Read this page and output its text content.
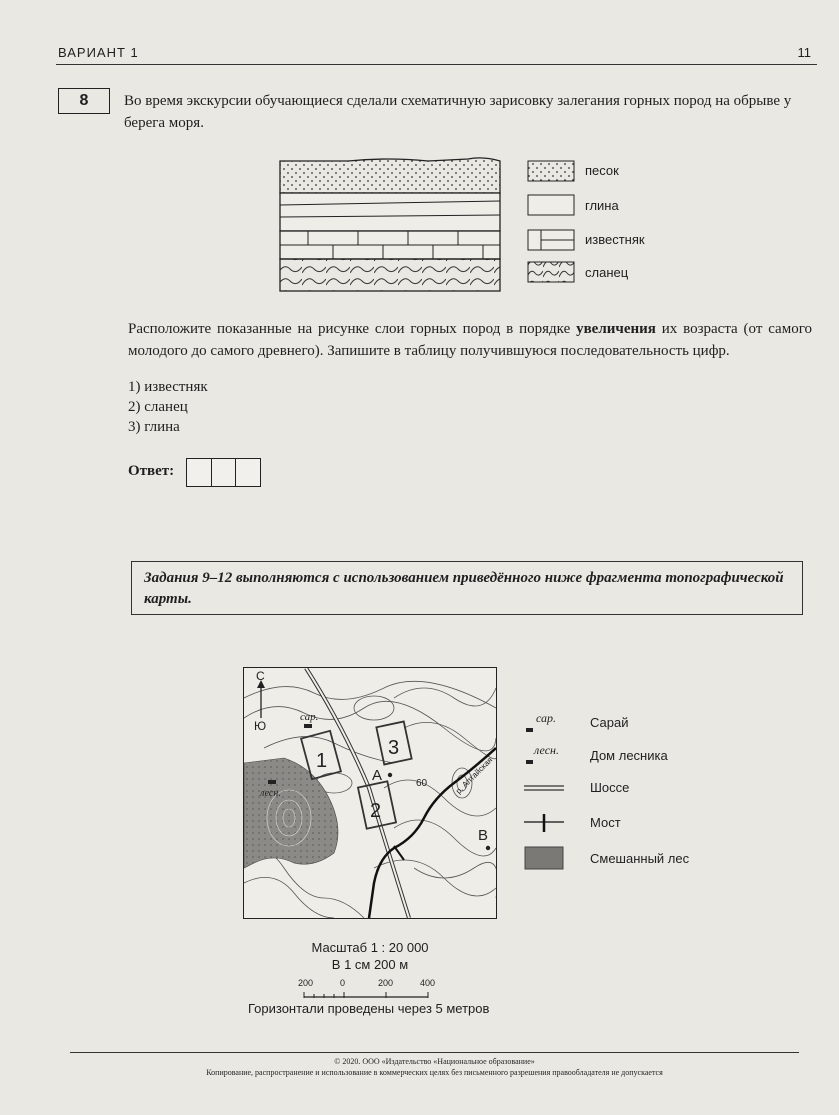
ВАРИАНТ 1	11
8	Во время экскурсии обучающиеся сделали схематичную зарисовку залегания горных пород на обрыве у берега моря.
песок
глина
известняк
сланец
Расположите показанные на рисунке слои горных пород в порядке увеличения их возраста (от самого молодого до самого древнего). Запишите в таблицу получившуюся последовательность цифр.
1) известняк
2) сланец
3) глина
Ответ:
Задания 9–12 выполняются с использованием приведённого ниже фрагмента топографической карты.
С
Ю
сар.
лесн.
1
2
3
А
В
60	р. Алтайская
сар.
лесн.
Сарай
Дом лесника
Шоссе
Мост
Смешанный лес
Масштаб 1 : 20 000
В 1 см 200 м
200	0	200	400
Горизонтали проведены через 5 метров
© 2020. ООО «Издательство «Национальное образование»
Копирование, распространение и использование в коммерческих целях без письменного разрешения правообладателя не допускается
